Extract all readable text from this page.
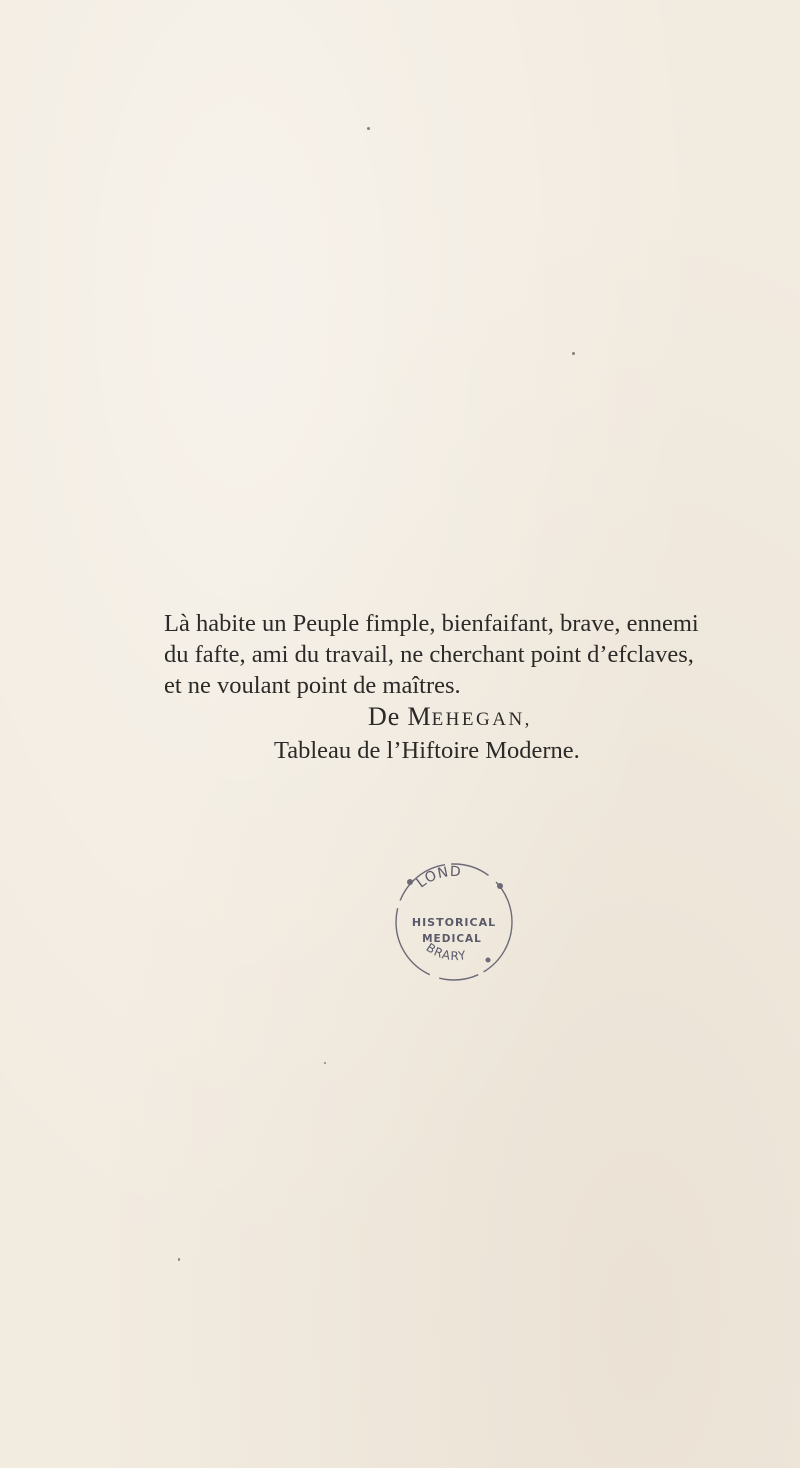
Là habite un Peuple fimple, bienfaifant, brave, ennemi
du fafte, ami du travail, ne cherchant point d’efclaves,
et ne voulant point de maîtres.
De MEHEGAN,
Tableau de l’Hiftoire Moderne.
LOND
HISTORICAL
MEDICAL
BRARY
